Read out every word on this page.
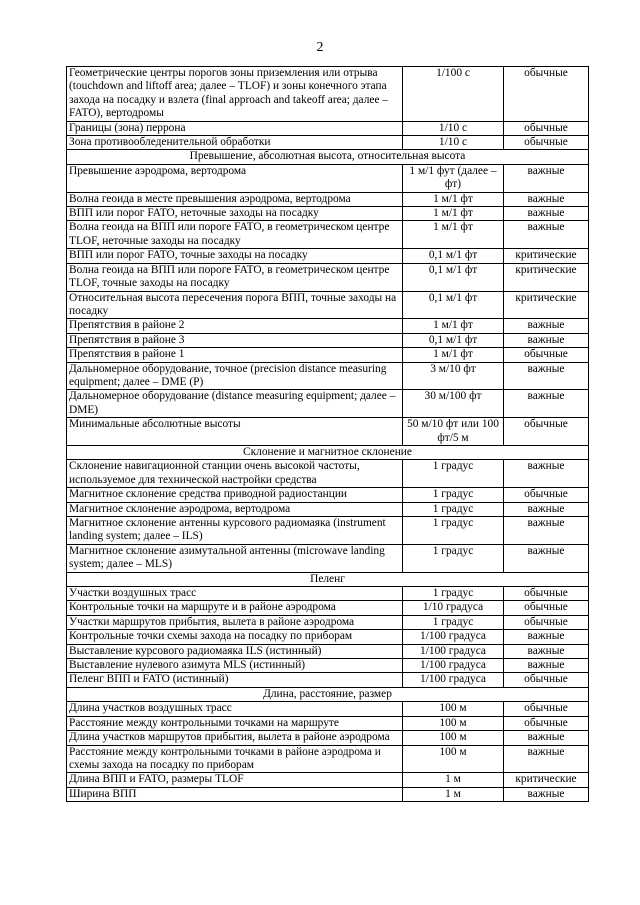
2
Геометрические центры порогов зоны приземления или отрыва (touchdown and liftoff area; далее – TLOF) и зоны конечного этапа захода на посадку и взлета (final approach and takeoff area; далее – FATO), вертодромы	1/100 с	обычные
Границы (зона) перрона	1/10 с	обычные
Зона противообледенительной обработки	1/10 с	обычные
Превышение, абсолютная высота, относительная высота		
Превышение аэродрома, вертодрома	1 м/1 фут (далее – фт)	важные
Волна геоида в месте превышения аэродрома, вертодрома	1 м/1 фт	важные
ВПП или порог FATO, неточные заходы на посадку	1 м/1 фт	важные
Волна геоида на ВПП или пороге FATO, в геометрическом центре TLOF, неточные заходы на посадку	1 м/1 фт	важные
ВПП или порог FATO, точные заходы на посадку	0,1 м/1 фт	критические
Волна геоида на ВПП или пороге FATO, в геометрическом центре TLOF, точные заходы на посадку	0,1 м/1 фт	критические
Относительная высота пересечения порога ВПП, точные заходы на посадку	0,1 м/1 фт	критические
Препятствия в районе 2	1 м/1 фт	важные
Препятствия в районе 3	0,1 м/1 фт	важные
Препятствия в районе 1	1 м/1 фт	обычные
Дальномерное оборудование, точное (precision distance measuring equipment; далее – DME (P)	3 м/10 фт	важные
Дальномерное оборудование (distance measuring equipment; далее – DME)	30 м/100 фт	важные
Минимальные абсолютные высоты	50 м/10 фт или 100 фт/5 м	обычные
Склонение и магнитное склонение		
Склонение навигационной станции очень высокой частоты, используемое для технической настройки средства	1 градус	важные
Магнитное склонение средства приводной радиостанции	1 градус	обычные
Магнитное склонение аэродрома, вертодрома	1 градус	важные
Магнитное склонение антенны курсового радиомаяка (instrument landing system; далее – ILS)	1 градус	важные
Магнитное склонение азимутальной антенны (microwave landing system; далее – MLS)	1 градус	важные
Пеленг		
Участки воздушных трасс	1 градус	обычные
Контрольные точки на маршруте и в районе аэродрома	1/10 градуса	обычные
Участки маршрутов прибытия, вылета в районе аэродрома	1 градус	обычные
Контрольные точки схемы захода на посадку по приборам	1/100 градуса	важные
Выставление курсового радиомаяка ILS (истинный)	1/100 градуса	важные
Выставление нулевого азимута MLS (истинный)	1/100 градуса	важные
Пеленг ВПП и FATO (истинный)	1/100 градуса	обычные
Длина, расстояние, размер		
Длина участков воздушных трасс	100 м	обычные
Расстояние между контрольными точками на маршруте	100 м	обычные
Длина участков маршрутов прибытия, вылета в районе аэродрома	100 м	важные
Расстояние между контрольными точками в районе аэродрома и схемы захода на посадку по приборам	100 м	важные
Длина ВПП и FATO, размеры TLOF	1 м	критические
Ширина ВПП	1 м	важные
